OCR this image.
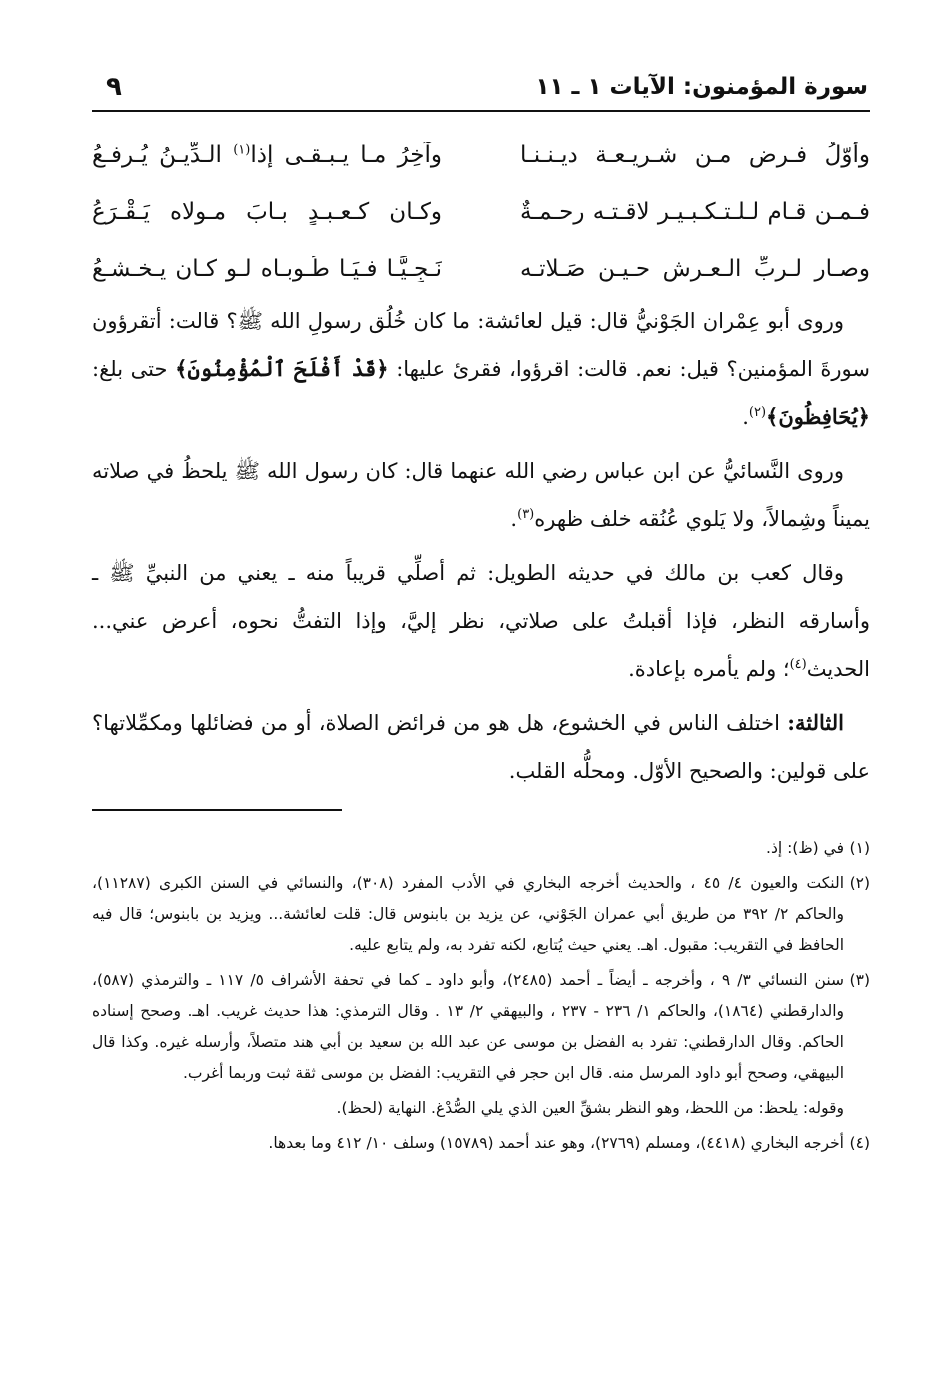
سورة المؤمنون: الآيات ١ ـ ١١
٩
وأوّلُ فـرضٍ مـن شـريـعـة ديـنـنـا
وآخِرُ مـا يـبـقـى إذا$^{(١)}$ الـدِّيـنُ يُـرفـعُ
فـمـن قـام لـلـتـكـبـيـر لاقـتـه رحـمـةٌ
وكـان كـعـبـدٍ بـابَ مـولاه يَـقْـرَعُ
وصـار لـربِّ الـعـرش حـيـن صَـلاتـه
نَـجِـيًّـا فـيَـا طُـوبـاه لـو كـان يـخـشـعُ

وروى أبو عِمْران الجَوْنيُّ قال: قيل لعائشة: ما كان خُلُق رسولِ الله ﷺ؟ قالت: أتقرؤون سورةَ المؤمنين؟ قيل: نعم. قالت: اقرؤوا، فقرئ عليها: ﴿قَدْ أَفْلَحَ ٱلْمُؤْمِنُونَ﴾ حتى بلغ: ﴿يُحَافِظُونَ﴾$^{(٢)}$.

وروى النَّسائيُّ عن ابن عباس رضي الله عنهما قال: كان رسول الله ﷺ يلحظُ في صلاته يميناً وشِمالاً، ولا يَلوي عُنُقه خلف ظهره$^{(٣)}$.

وقال كعب بن مالك في حديثه الطويل: ثم أصلِّي قريباً منه ـ يعني من النبيِّ ﷺ ـ وأسارقه النظر، فإذا أقبلتُ على صلاتي، نظر إليَّ، وإذا التفتُّ نحوه، أعرض عني... الحديث$^{(٤)}$؛ ولم يأمره بإعادة.

الثالثة: اختلف الناس في الخشوع، هل هو من فرائض الصلاة، أو من فضائلها ومكمِّلاتها؟ على قولين: والصحيح الأوّل. ومحلُّه القلب.

(١)في (ظ): إذ.
(٢)النكت والعيون ٤/ ٤٥ ، والحديث أخرجه البخاري في الأدب المفرد (٣٠٨)، والنسائي في السنن الكبرى (١١٢٨٧)، والحاكم ٢/ ٣٩٢ من طريق أبي عمران الجَوْني، عن يزيد بن بابنوس قال: قلت لعائشة... ويزيد بن بابنوس؛ قال فيه الحافظ في التقريب: مقبول. اهـ. يعني حيث يُتابع، لكنه تفرد به، ولم يتابع عليه.
(٣)سنن النسائي ٣/ ٩ ، وأخرجه ـ أيضاً ـ أحمد (٢٤٨٥)، وأبو داود ـ كما في تحفة الأشراف ٥/ ١١٧ ـ والترمذي (٥٨٧)، والدارقطني (١٨٦٤)، والحاكم ١/ ٢٣٦ - ٢٣٧ ، والبيهقي ٢/ ١٣ . وقال الترمذي: هذا حديث غريب. اهـ. وصحح إسناده الحاكم. وقال الدارقطني: تفرد به الفضل بن موسى عن عبد الله بن سعيد بن أبي هند متصلاً، وأرسله غيره. وكذا قال البيهقي، وصحح أبو داود المرسل منه. قال ابن حجر في التقريب: الفضل بن موسى ثقة ثبت وربما أغرب.
وقوله: يلحظ: من اللحظ، وهو النظر بشقِّ العين الذي يلي الصُّدْغ. النهاية (لحظ).
(٤)أخرجه البخاري (٤٤١٨)، ومسلم (٢٧٦٩)، وهو عند أحمد (١٥٧٨٩) وسلف ١٠/ ٤١٢ وما بعدها.
